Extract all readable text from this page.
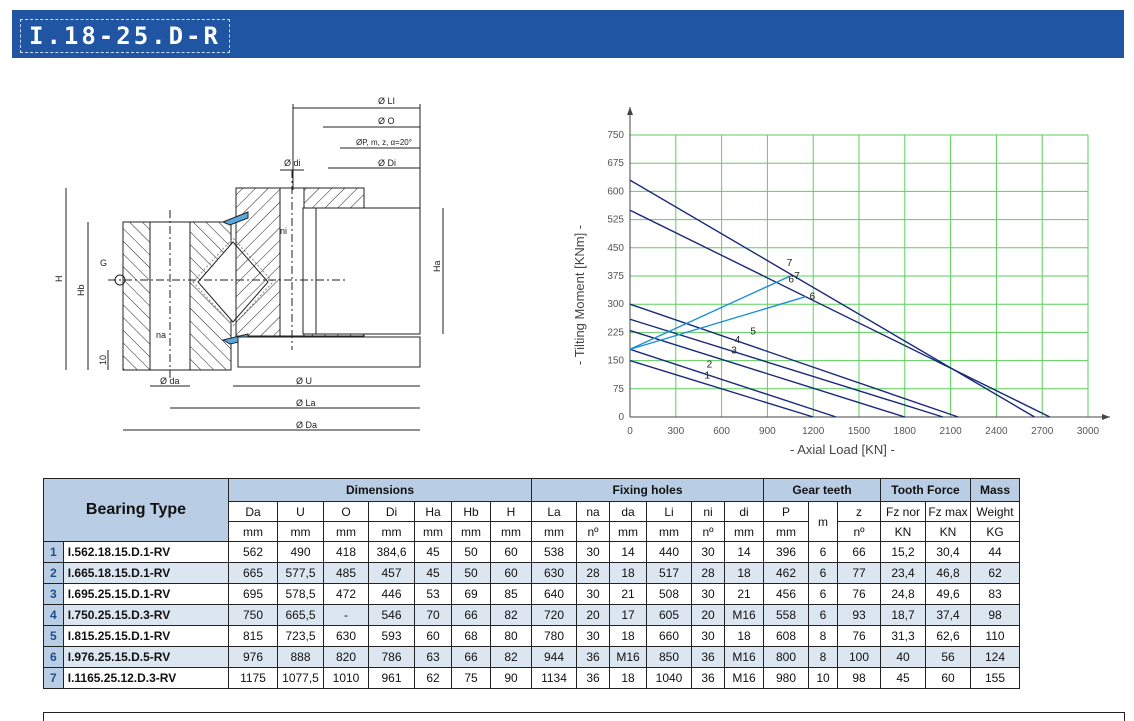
I.18-25.D-R
Ø LI
Ø O
ØP, m, z, α=20°
Ø di	Ø Di
ni
G
H
Hb
Ha
na
10
Ø da	Ø U
Ø La
Ø Da
0	300	600	900	1200 1500 1800 2100 2400 2700 3000
0
75
150
225
300
375
450
525
600
675
750
1
2
3
4
5
6
7
6
7
- Axial Load [KN] -
- Tilting Moment [KNm] -
Bearing Type		Dimensions							Fixing holes						Gear teeth			Tooth Force		Mass
		Da	U	O	Di	Ha	Hb	H	La	na	da	Li	ni	di	P	m	z	Fz nor	Fz max	Weight
		mm	mm	mm	mm	mm	mm	mm	mm	nº	mm	mm	nº	mm	mm		nº	KN	KN	KG
1	I.562.18.15.D.1-RV	562	490	418	384,6	45	50	60	538	30	14	440	30	14	396	6	66	15,2	30,4	44
2	I.665.18.15.D.1-RV	665	577,5	485	457	45	50	60	630	28	18	517	28	18	462	6	77	23,4	46,8	62
3	I.695.25.15.D.1-RV	695	578,5	472	446	53	69	85	640	30	21	508	30	21	456	6	76	24,8	49,6	83
4	I.750.25.15.D.3-RV	750	665,5	-	546	70	66	82	720	20	17	605	20	M16	558	6	93	18,7	37,4	98
5	I.815.25.15.D.1-RV	815	723,5	630	593	60	68	80	780	30	18	660	30	18	608	8	76	31,3	62,6	110
6	I.976.25.15.D.5-RV	976	888	820	786	63	66	82	944	36	M16	850	36	M16	800	8	100	40	56	124
7	I.1165.25.12.D.3-RV	1175	1077,5	1010	961	62	75	90	1134	36	18	1040	36	M16	980	10	98	45	60	155
